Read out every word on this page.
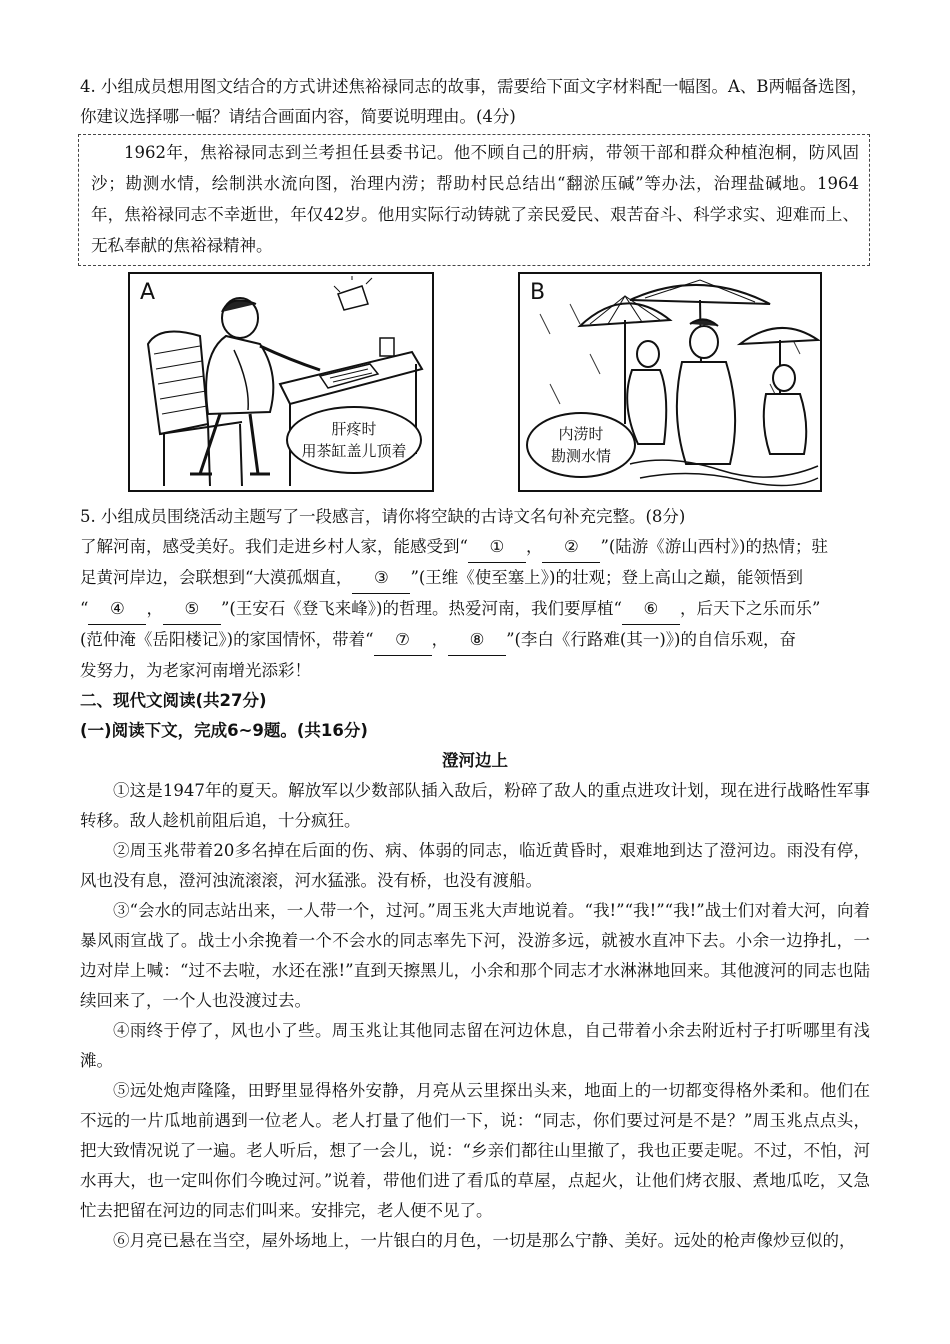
4. 小组成员想用图文结合的方式讲述焦裕禄同志的故事，需要给下面文字材料配一幅图。A、B两幅备选图，
你建议选择哪一幅？请结合画面内容，简要说明理由。(4分)
1962年，焦裕禄同志到兰考担任县委书记。他不顾自己的肝病，带领干部和群众种植泡桐，防风固沙；勘测水情，绘制洪水流向图，治理内涝；帮助村民总结出“翻淤压碱”等办法，治理盐碱地。1964年，焦裕禄同志不幸逝世，年仅42岁。他用实际行动铸就了亲民爱民、艰苦奋斗、科学求实、迎难而上、无私奉献的焦裕禄精神。
A
肝疼时
用茶缸盖儿顶着
B
内涝时
勘测水情
5. 小组成员围绕活动主题写了一段感言，请你将空缺的古诗文名句补充完整。(8分)
了解河南，感受美好。我们走进乡村人家，能感受到“ ① ， ② ”(陆游《游山西村》)的热情；驻
足黄河岸边，会联想到“大漠孤烟直， ③ ”(王维《使至塞上》)的壮观；登上高山之巅，能领悟到
“ ④ ， ⑤ ”(王安石《登飞来峰》)的哲理。热爱河南，我们要厚植“ ⑥ ，后天下之乐而乐”
(范仲淹《岳阳楼记》)的家国情怀，带着“ ⑦ ， ⑧ ”(李白《行路难(其一)》)的自信乐观，奋
发努力，为老家河南增光添彩！
二、现代文阅读(共27分)
(一)阅读下文，完成6~9题。(共16分)
澄河边上
①这是1947年的夏天。解放军以少数部队插入敌后，粉碎了敌人的重点进攻计划，现在进行战略性军事转移。敌人趁机前阻后追，十分疯狂。
②周玉兆带着20多名掉在后面的伤、病、体弱的同志，临近黄昏时，艰难地到达了澄河边。雨没有停，风也没有息，澄河浊流滚滚，河水猛涨。没有桥，也没有渡船。
③“会水的同志站出来，一人带一个，过河。”周玉兆大声地说着。“我!”“我!”“我!”战士们对着大河，向着暴风雨宣战了。战士小余挽着一个不会水的同志率先下河，没游多远，就被水直冲下去。小余一边挣扎，一边对岸上喊：“过不去啦，水还在涨!”直到天擦黑儿，小余和那个同志才水淋淋地回来。其他渡河的同志也陆续回来了，一个人也没渡过去。
④雨终于停了，风也小了些。周玉兆让其他同志留在河边休息，自己带着小余去附近村子打听哪里有浅滩。
⑤远处炮声隆隆，田野里显得格外安静，月亮从云里探出头来，地面上的一切都变得格外柔和。他们在不远的一片瓜地前遇到一位老人。老人打量了他们一下，说：“同志，你们要过河是不是？”周玉兆点点头，把大致情况说了一遍。老人听后，想了一会儿，说：“乡亲们都往山里撤了，我也正要走呢。不过，不怕，河水再大，也一定叫你们今晚过河。”说着，带他们进了看瓜的草屋，点起火，让他们烤衣服、煮地瓜吃，又急忙去把留在河边的同志们叫来。安排完，老人便不见了。
⑥月亮已悬在当空，屋外场地上，一片银白的月色，一切是那么宁静、美好。远处的枪声像炒豆似的，
